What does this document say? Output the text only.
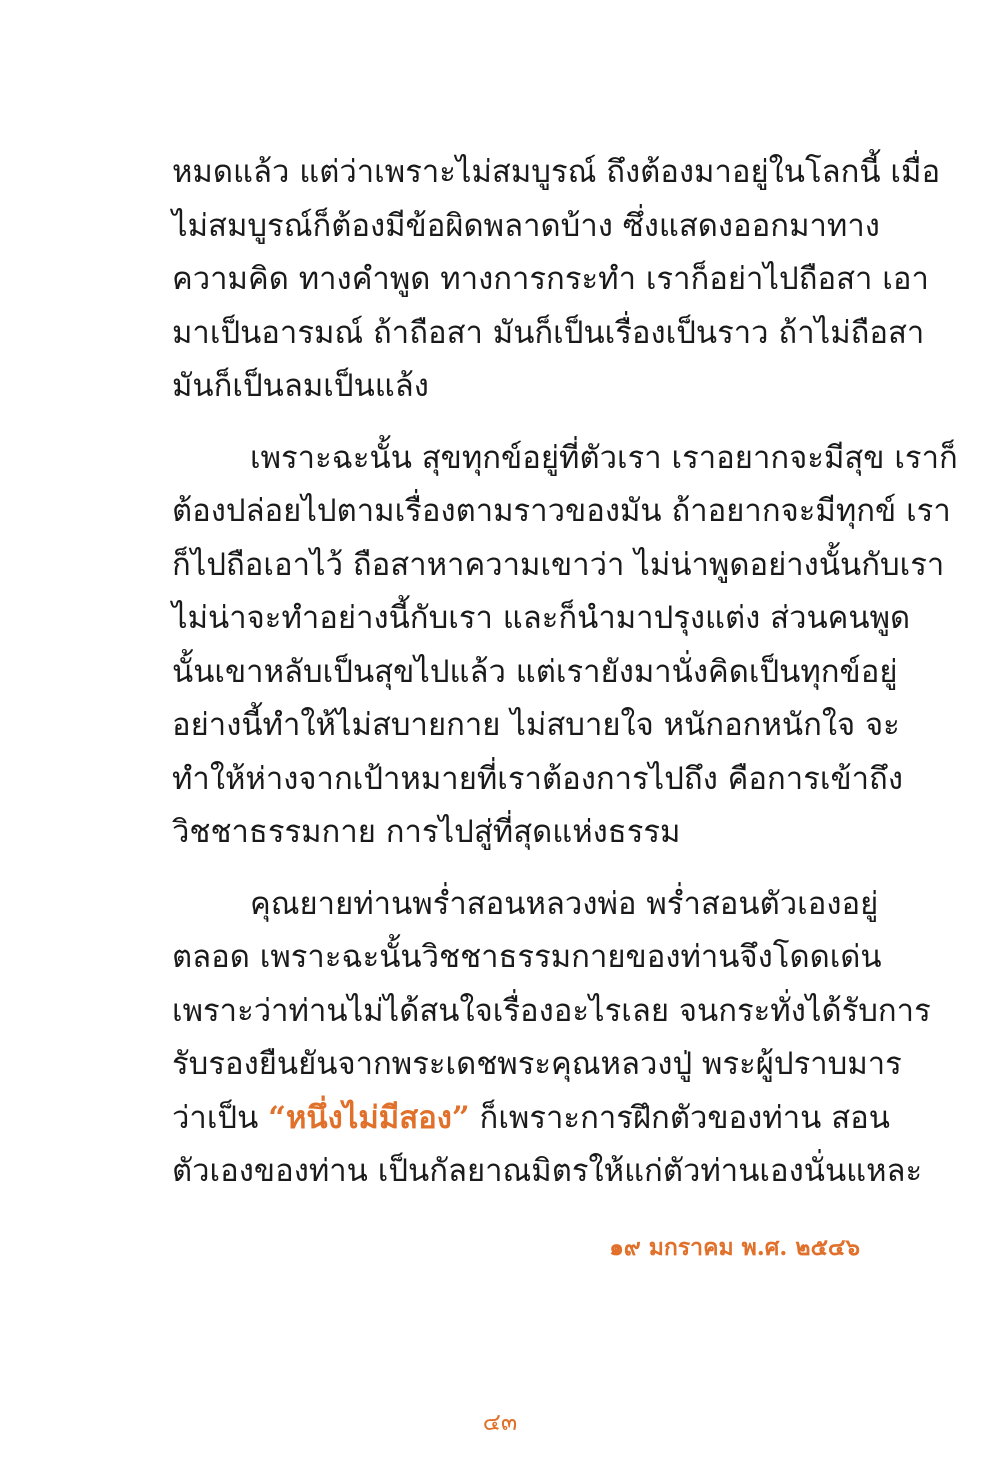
หมดแล้ว แต่ว่าเพราะไม่สมบูรณ์ ถึงต้องมาอยู่ในโลกนี้ เมื่อ
ไม่สมบูรณ์ก็ต้องมีข้อผิดพลาดบ้าง ซึ่งแสดงออกมาทาง
ความคิด ทางคำพูด ทางการกระทำ เราก็อย่าไปถือสา เอา
มาเป็นอารมณ์ ถ้าถือสา มันก็เป็นเรื่องเป็นราว ถ้าไม่ถือสา
มันก็เป็นลมเป็นแล้ง
เพราะฉะนั้น สุขทุกข์อยู่ที่ตัวเรา เราอยากจะมีสุข เราก็
ต้องปล่อยไปตามเรื่องตามราวของมัน ถ้าอยากจะมีทุกข์ เรา
ก็ไปถือเอาไว้ ถือสาหาความเขาว่า ไม่น่าพูดอย่างนั้นกับเรา
ไม่น่าจะทำอย่างนี้กับเรา และก็นำมาปรุงแต่ง ส่วนคนพูด
นั้นเขาหลับเป็นสุขไปแล้ว แต่เรายังมานั่งคิดเป็นทุกข์อยู่
อย่างนี้ทำให้ไม่สบายกาย ไม่สบายใจ หนักอกหนักใจ จะ
ทำให้ห่างจากเป้าหมายที่เราต้องการไปถึง คือการเข้าถึง
วิชชาธรรมกาย การไปสู่ที่สุดแห่งธรรม
คุณยายท่านพร่ำสอนหลวงพ่อ พร่ำสอนตัวเองอยู่
ตลอด เพราะฉะนั้นวิชชาธรรมกายของท่านจึงโดดเด่น
เพราะว่าท่านไม่ได้สนใจเรื่องอะไรเลย จนกระทั่งได้รับการ
รับรองยืนยันจากพระเดชพระคุณหลวงปู่ พระผู้ปราบมาร
ว่าเป็น “หนึ่งไม่มีสอง” ก็เพราะการฝึกตัวของท่าน สอน
ตัวเองของท่าน เป็นกัลยาณมิตรให้แก่ตัวท่านเองนั่นแหละ
๑๙ มกราคม พ.ศ. ๒๕๔๖
๔๓
